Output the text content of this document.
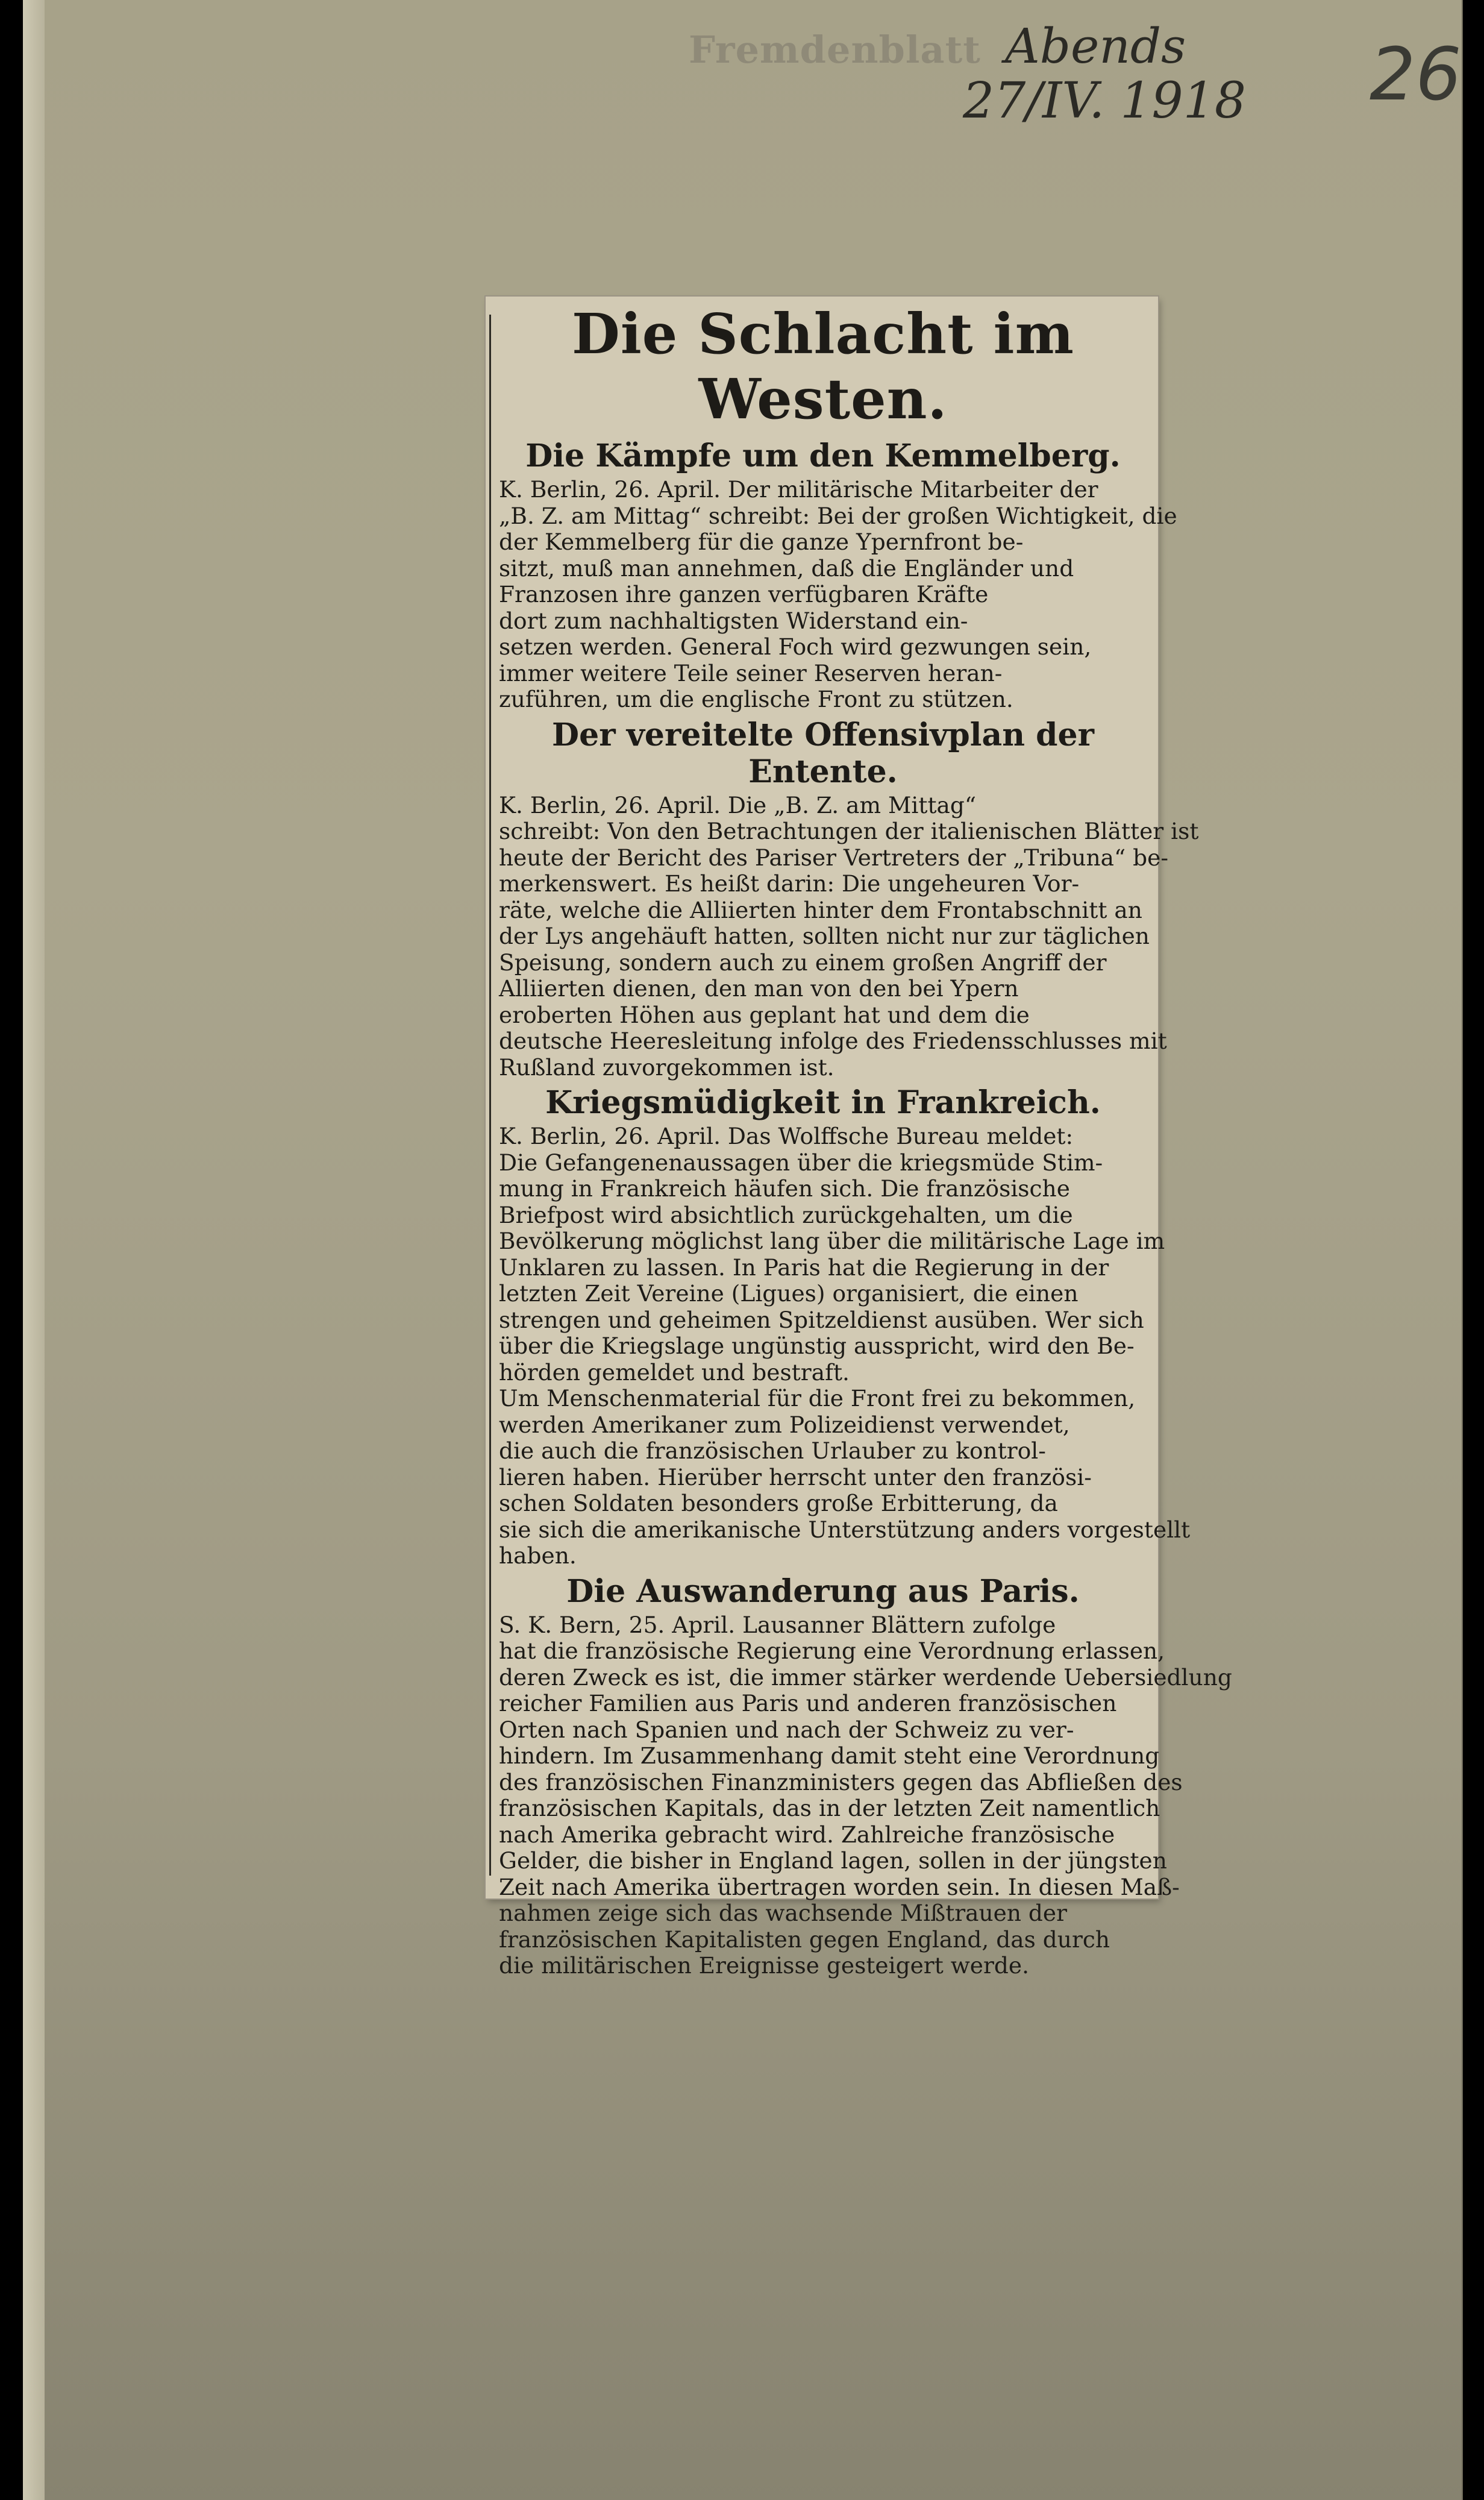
Fremdenblatt Abends
27/IV. 1918 26
Die Schlacht im Westen.
Die Kämpfe um den Kemmelberg.
K. Berlin, 26. April. Der militärische Mitarbeiter der
„B. Z. am Mittag“ schreibt: Bei der großen Wichtigkeit, die
der Kemmelberg für die ganze Ypernfront be-
sitzt, muß man annehmen, daß die Engländer und
Franzosen ihre ganzen verfügbaren Kräfte
dort zum nachhaltigsten Widerstand ein-
setzen werden. General Foch wird gezwungen sein,
immer weitere Teile seiner Reserven heran-
zuführen, um die englische Front zu stützen.
Der vereitelte Offensivplan der Entente.
K. Berlin, 26. April. Die „B. Z. am Mittag“
schreibt: Von den Betrachtungen der italienischen Blätter ist
heute der Bericht des Pariser Vertreters der „Tribuna“ be-
merkenswert. Es heißt darin: Die ungeheuren Vor-
räte, welche die Alliierten hinter dem Frontabschnitt an
der Lys angehäuft hatten, sollten nicht nur zur täglichen
Speisung, sondern auch zu einem großen Angriff der
Alliierten dienen, den man von den bei Ypern
eroberten Höhen aus geplant hat und dem die
deutsche Heeresleitung infolge des Friedensschlusses mit
Rußland zuvorgekommen ist.
Kriegsmüdigkeit in Frankreich.
K. Berlin, 26. April. Das Wolffsche Bureau meldet:
Die Gefangenenaussagen über die kriegsmüde Stim-
mung in Frankreich häufen sich. Die französische
Briefpost wird absichtlich zurückgehalten, um die
Bevölkerung möglichst lang über die militärische Lage im
Unklaren zu lassen. In Paris hat die Regierung in der
letzten Zeit Vereine (Ligues) organisiert, die einen
strengen und geheimen Spitzeldienst ausüben. Wer sich
über die Kriegslage ungünstig ausspricht, wird den Be-
hörden gemeldet und bestraft.
Um Menschenmaterial für die Front frei zu bekommen,
werden Amerikaner zum Polizeidienst verwendet,
die auch die französischen Urlauber zu kontrol-
lieren haben. Hierüber herrscht unter den französi-
schen Soldaten besonders große Erbitterung, da
sie sich die amerikanische Unterstützung anders vorgestellt
haben.
Die Auswanderung aus Paris.
S. K. Bern, 25. April. Lausanner Blättern zufolge
hat die französische Regierung eine Verordnung erlassen,
deren Zweck es ist, die immer stärker werdende Uebersiedlung
reicher Familien aus Paris und anderen französischen
Orten nach Spanien und nach der Schweiz zu ver-
hindern. Im Zusammenhang damit steht eine Verordnung
des französischen Finanzministers gegen das Abfließen des
französischen Kapitals, das in der letzten Zeit namentlich
nach Amerika gebracht wird. Zahlreiche französische
Gelder, die bisher in England lagen, sollen in der jüngsten
Zeit nach Amerika übertragen worden sein. In diesen Maß-
nahmen zeige sich das wachsende Mißtrauen der
französischen Kapitalisten gegen England, das durch
die militärischen Ereignisse gesteigert werde.
